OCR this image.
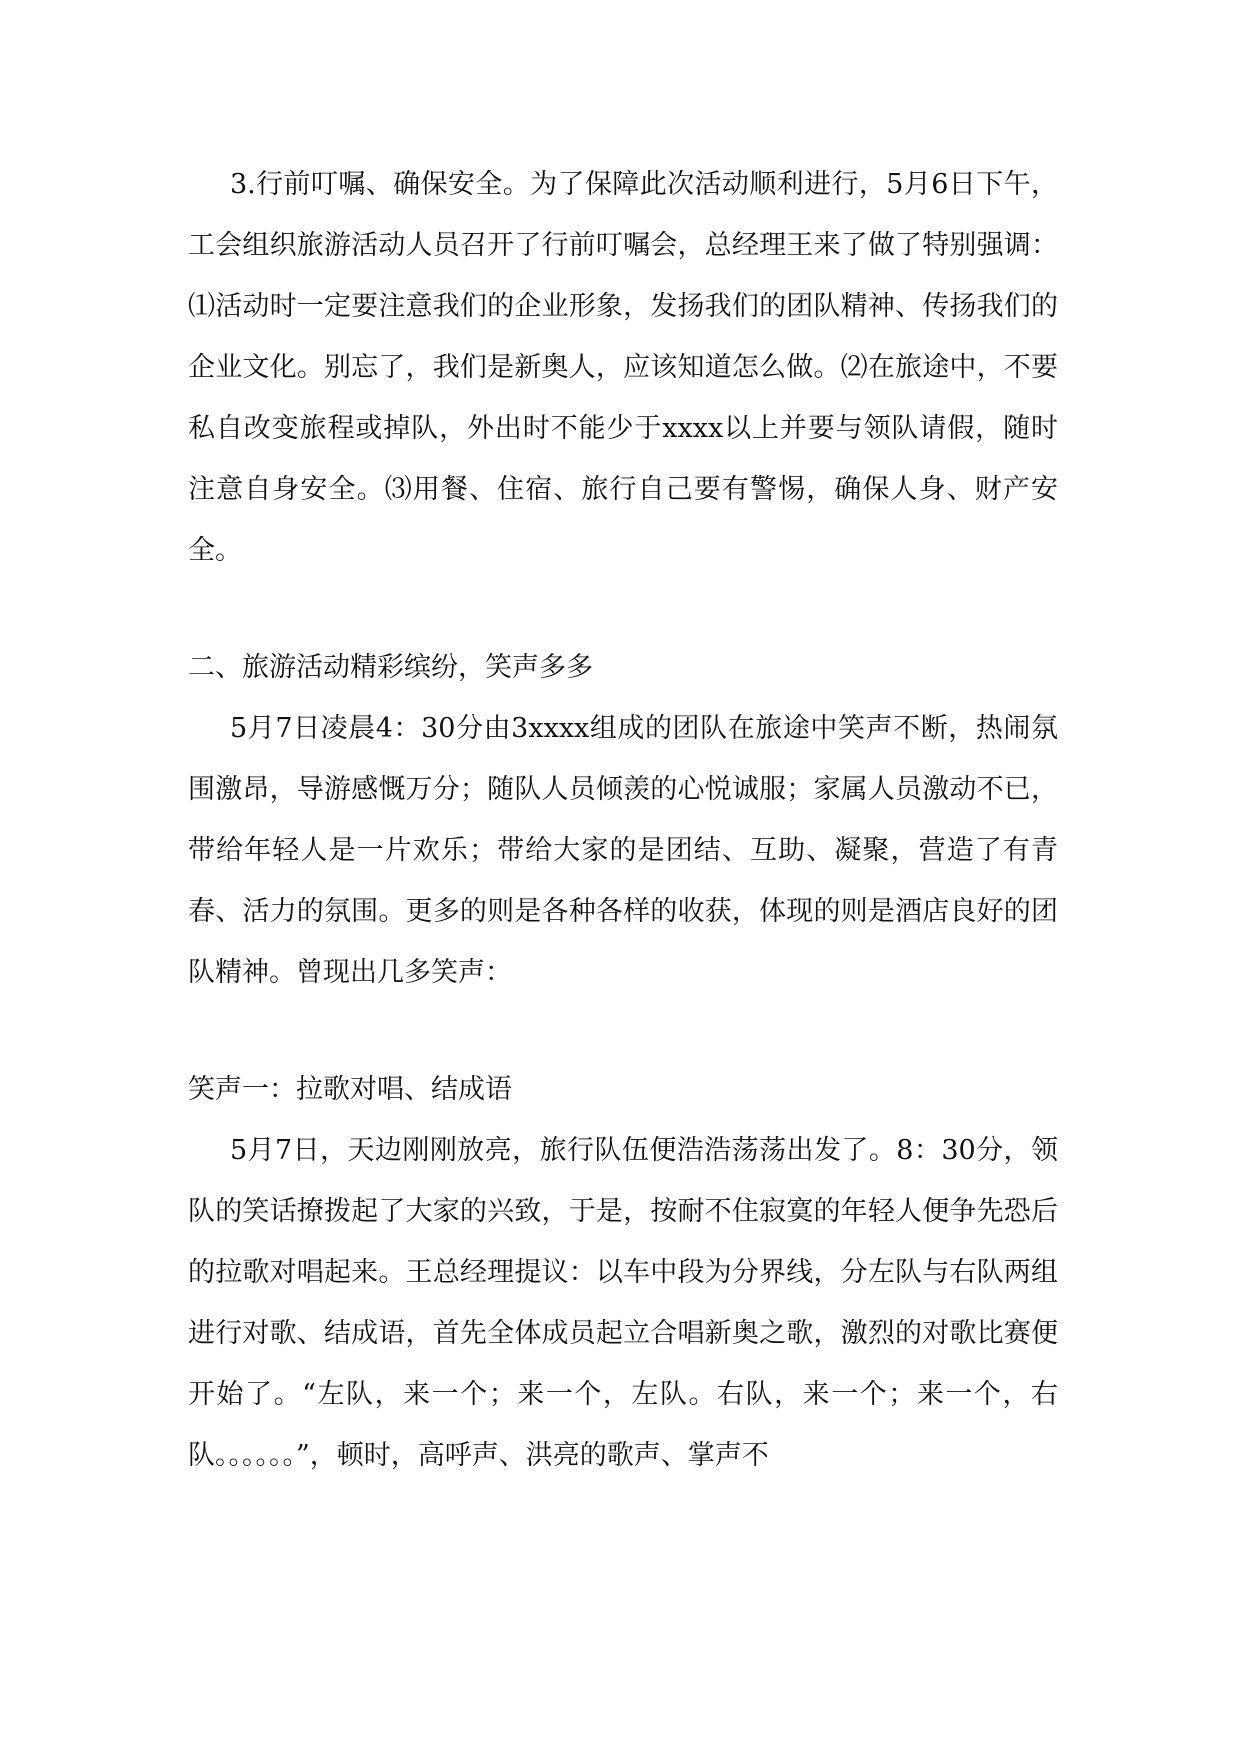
3.行前叮嘱、确保安全。为了保障此次活动顺利进行，5月6日下午，工会组织旅游活动人员召开了行前叮嘱会，总经理王来了做了特别强调：⑴活动时一定要注意我们的企业形象，发扬我们的团队精神、传扬我们的企业文化。别忘了，我们是新奥人，应该知道怎么做。⑵在旅途中，不要私自改变旅程或掉队，外出时不能少于xxxx以上并要与领队请假，随时注意自身安全。⑶用餐、住宿、旅行自己要有警惕，确保人身、财产安全。

二、旅游活动精彩缤纷，笑声多多

5月7日凌晨4：30分由3xxxx组成的团队在旅途中笑声不断，热闹氛围激昂，导游感慨万分；随队人员倾羡的心悦诚服；家属人员激动不已，带给年轻人是一片欢乐；带给大家的是团结、互助、凝聚，营造了有青春、活力的氛围。更多的则是各种各样的收获，体现的则是酒店良好的团队精神。曾现出几多笑声：

笑声一：拉歌对唱、结成语

5月7日，天边刚刚放亮，旅行队伍便浩浩荡荡出发了。8：30分，领队的笑话撩拨起了大家的兴致，于是，按耐不住寂寞的年轻人便争先恐后的拉歌对唱起来。王总经理提议：以车中段为分界线，分左队与右队两组进行对歌、结成语，首先全体成员起立合唱新奥之歌，激烈的对歌比赛便开始了。“左队，来一个；来一个，左队。右队，来一个；来一个，右队。。。。。。”，顿时，高呼声、洪亮的歌声、掌声不
